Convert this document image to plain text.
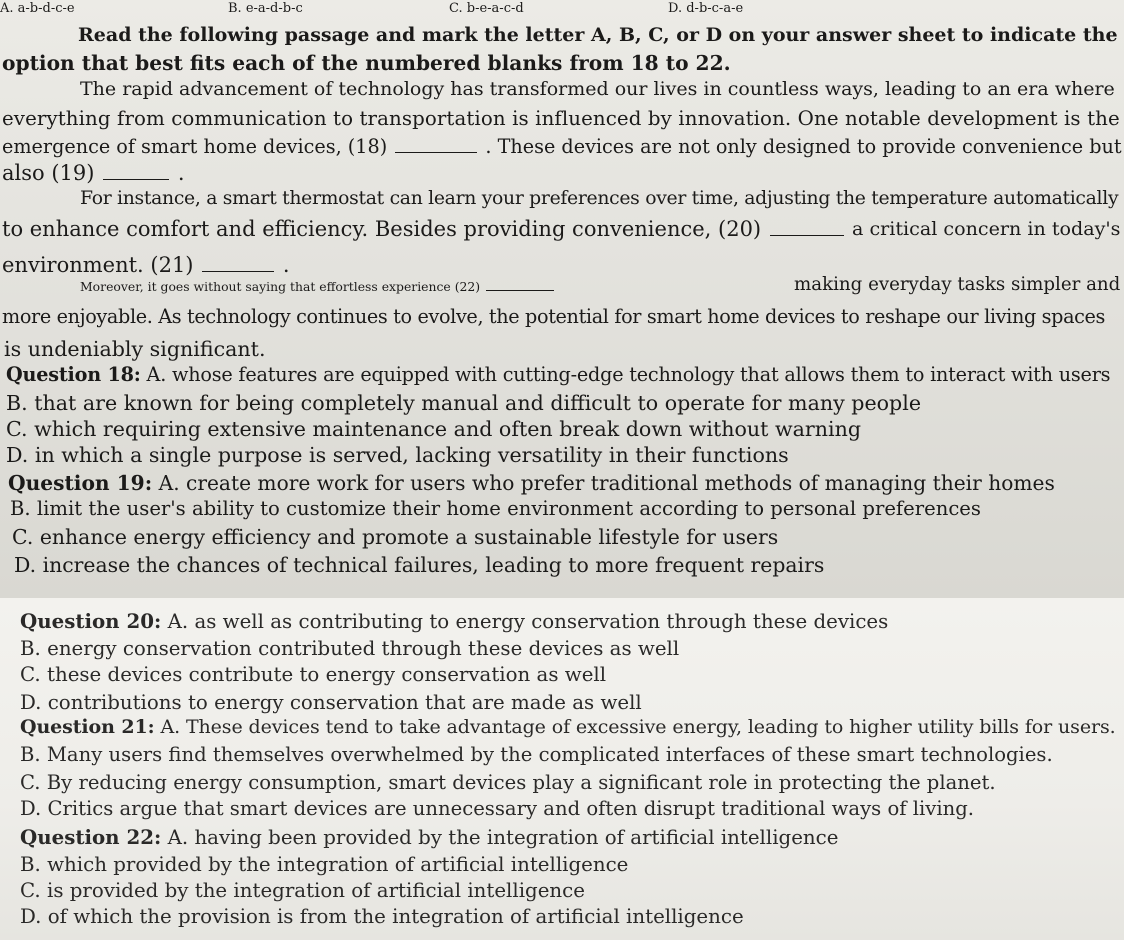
A. a-b-d-c-e	B. e-a-d-b-c	C. b-e-a-c-d	D. d-b-c-a-e
Read the following passage and mark the letter A, B, C, or D on your answer sheet to indicate the
option that best fits each of the numbered blanks from 18 to 22.
The rapid advancement of technology has transformed our lives in countless ways, leading to an era where
everything from communication to transportation is influenced by innovation. One notable development is the
emergence of smart home devices, (18)	. These devices are not only designed to provide convenience but
also (19)	.
For instance, a smart thermostat can learn your preferences over time, adjusting the temperature automatically
to enhance comfort and efficiency. Besides providing convenience, (20)	a critical concern in today's
environment. (21)	.
Moreover, it goes without saying that effortless experience (22)	making everyday tasks simpler and
more enjoyable. As technology continues to evolve, the potential for smart home devices to reshape our living spaces
is undeniably significant.
Question 18: A. whose features are equipped with cutting-edge technology that allows them to interact with users
B. that are known for being completely manual and difficult to operate for many people
C. which requiring extensive maintenance and often break down without warning
D. in which a single purpose is served, lacking versatility in their functions
Question 19: A. create more work for users who prefer traditional methods of managing their homes
B. limit the user's ability to customize their home environment according to personal preferences
C. enhance energy efficiency and promote a sustainable lifestyle for users
D. increase the chances of technical failures, leading to more frequent repairs
Question 20: A. as well as contributing to energy conservation through these devices
B. energy conservation contributed through these devices as well
C. these devices contribute to energy conservation as well
D. contributions to energy conservation that are made as well
Question 21: A. These devices tend to take advantage of excessive energy, leading to higher utility bills for users.
B. Many users find themselves overwhelmed by the complicated interfaces of these smart technologies.
C. By reducing energy consumption, smart devices play a significant role in protecting the planet.
D. Critics argue that smart devices are unnecessary and often disrupt traditional ways of living.
Question 22: A. having been provided by the integration of artificial intelligence
B. which provided by the integration of artificial intelligence
C. is provided by the integration of artificial intelligence
D. of which the provision is from the integration of artificial intelligence
